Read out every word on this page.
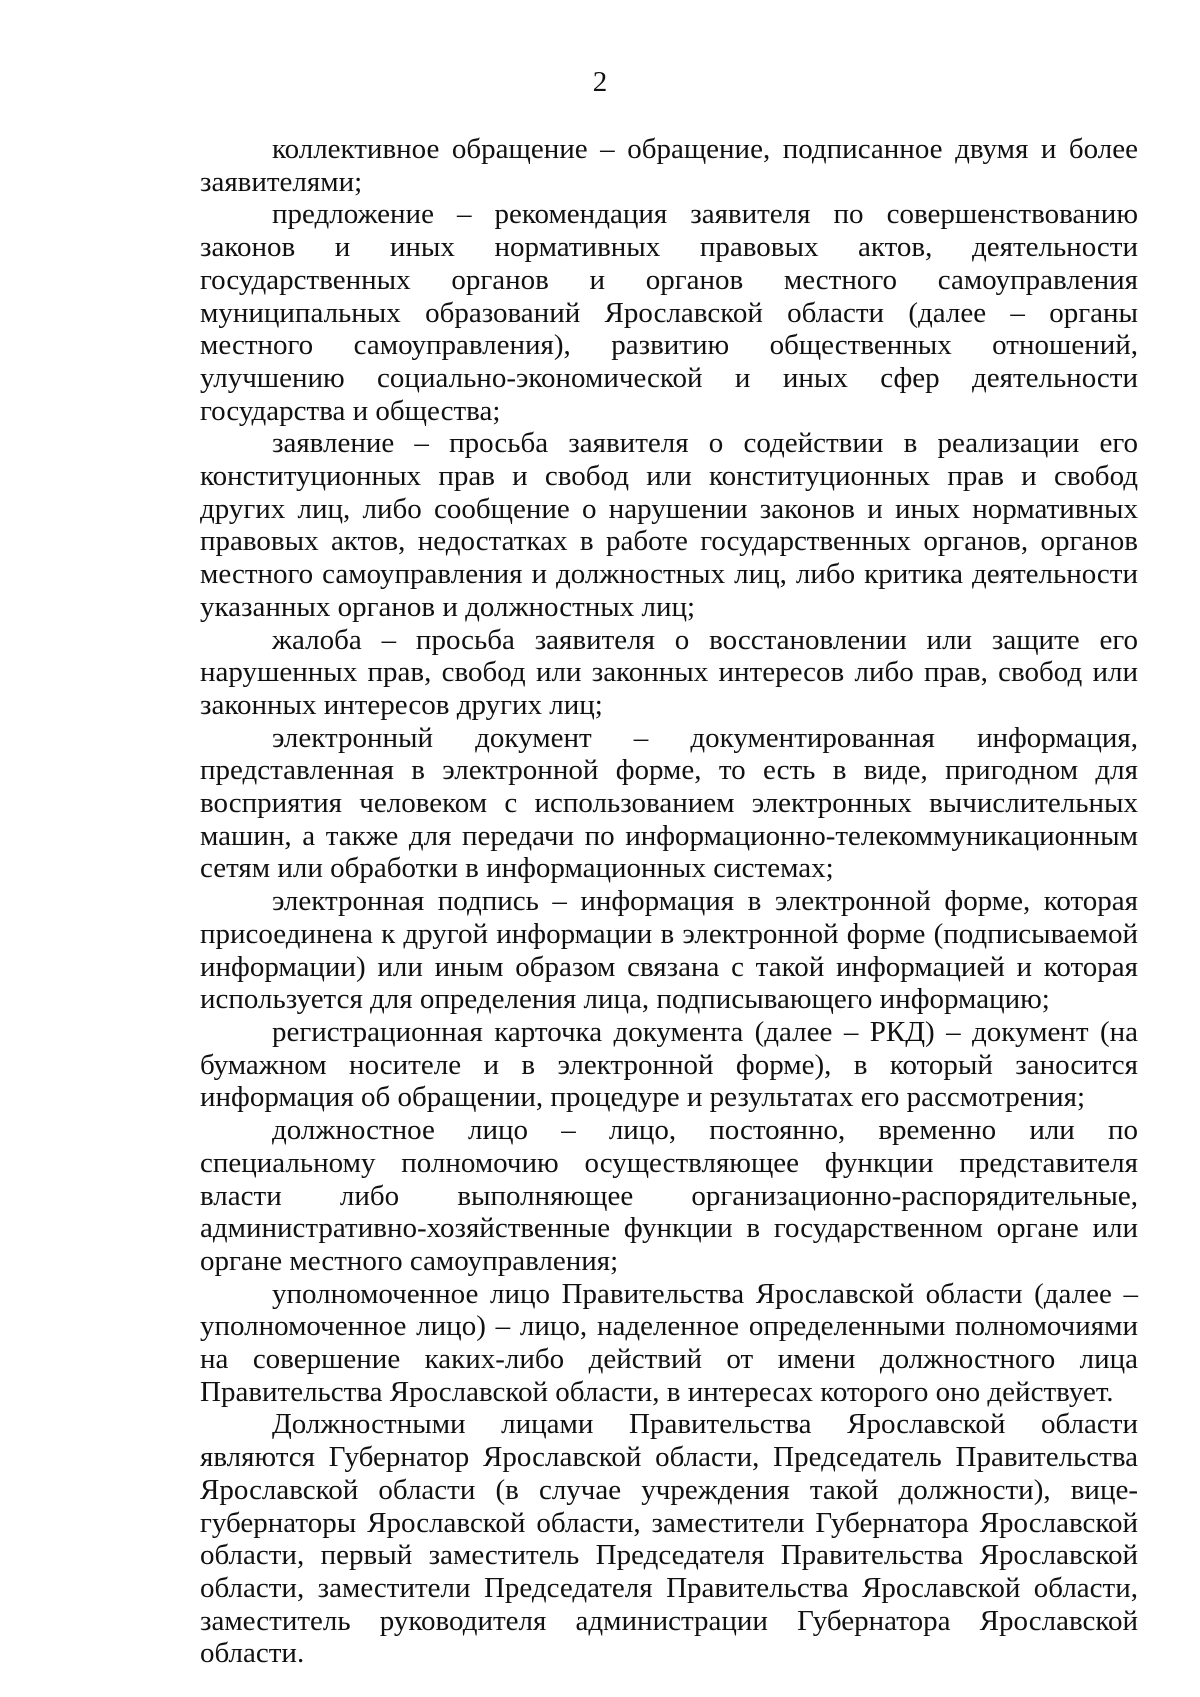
2

коллективное обращение – обращение, подписанное двумя и более заявителями;

предложение – рекомендация заявителя по совершенствованию законов и иных нормативных правовых актов, деятельности государственных органов и органов местного самоуправления муниципальных образований Ярославской области (далее – органы местного самоуправления), развитию общественных отношений, улучшению социально-экономической и иных сфер деятельности государства и общества;

заявление – просьба заявителя о содействии в реализации его конституционных прав и свобод или конституционных прав и свобод других лиц, либо сообщение о нарушении законов и иных нормативных правовых актов, недостатках в работе государственных органов, органов местного самоуправления и должностных лиц, либо критика деятельности указанных органов и должностных лиц;

жалоба – просьба заявителя о восстановлении или защите его нарушенных прав, свобод или законных интересов либо прав, свобод или законных интересов других лиц;

электронный документ – документированная информация, представленная в электронной форме, то есть в виде, пригодном для восприятия человеком с использованием электронных вычислительных машин, а также для передачи по информационно-телекоммуникационным сетям или обработки в информационных системах;

электронная подпись – информация в электронной форме, которая присоединена к другой информации в электронной форме (подписываемой информации) или иным образом связана с такой информацией и которая используется для определения лица, подписывающего информацию;

регистрационная карточка документа (далее – РКД) – документ (на бумажном носителе и в электронной форме), в который заносится информация об обращении, процедуре и результатах его рассмотрения;

должностное лицо – лицо, постоянно, временно или по специальному полномочию осуществляющее функции представителя власти либо выполняющее организационно-распорядительные, административно-хозяйственные функции в государственном органе или органе местного самоуправления;

уполномоченное лицо Правительства Ярославской области (далее – уполномоченное лицо) – лицо, наделенное определенными полномочиями на совершение каких-либо действий от имени должностного лица Правительства Ярославской области, в интересах которого оно действует.

Должностными лицами Правительства Ярославской области являются Губернатор Ярославской области, Председатель Правительства Ярославской области (в случае учреждения такой должности), вице-губернаторы Ярославской области, заместители Губернатора Ярославской области, первый заместитель Председателя Правительства Ярославской области, заместители Председателя Правительства Ярославской области, заместитель руководителя администрации Губернатора Ярославской области.
